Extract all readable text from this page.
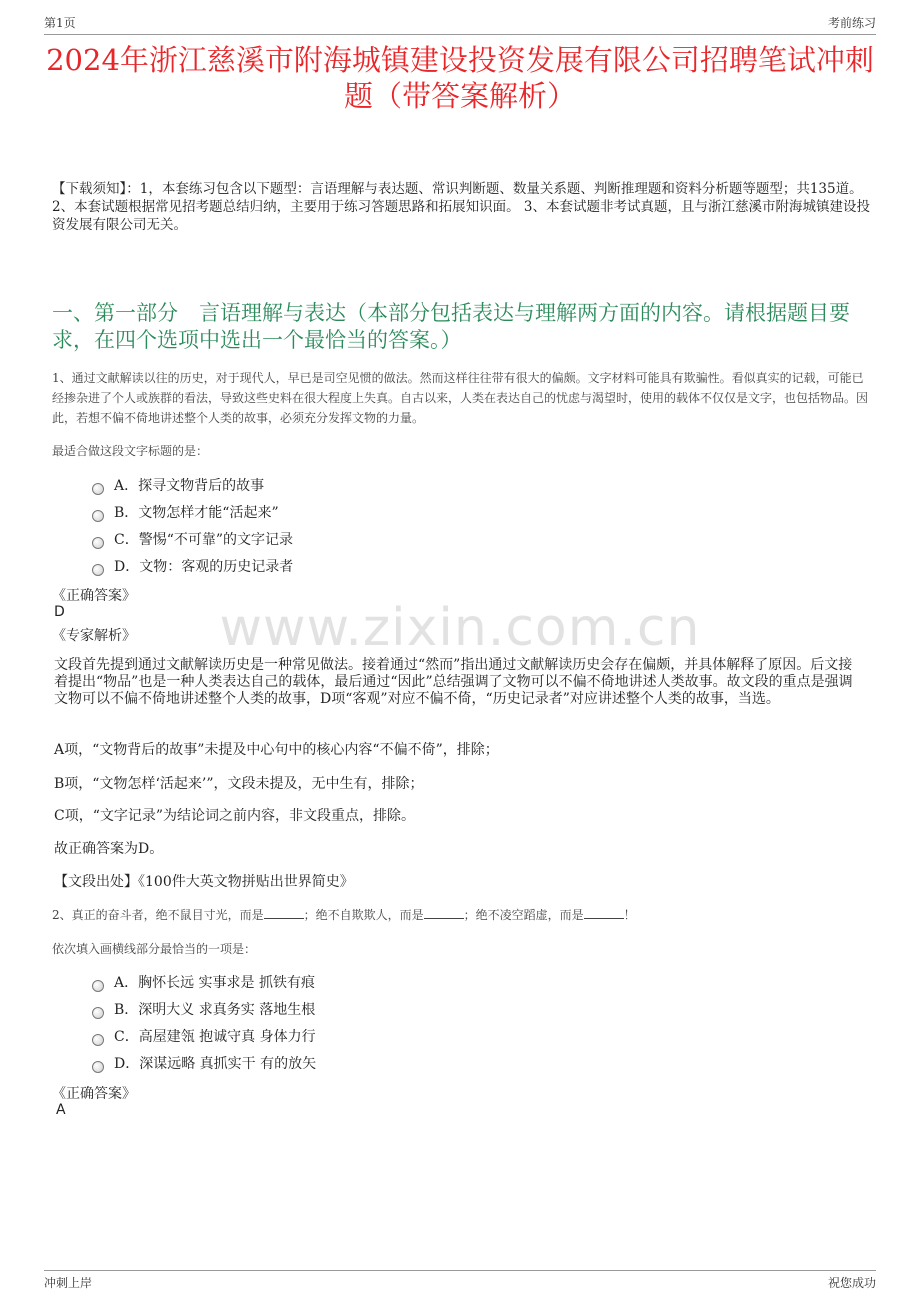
第1页	考前练习
2024年浙江慈溪市附海城镇建设投资发展有限公司招聘笔试冲刺题（带答案解析）
【下载须知】：1，本套练习包含以下题型：言语理解与表达题、常识判断题、数量关系题、判断推理题和资料分析题等题型；共135道。 2、本套试题根据常见招考题总结归纳，主要用于练习答题思路和拓展知识面。 3、本套试题非考试真题，且与浙江慈溪市附海城镇建设投资发展有限公司无关。
一、第一部分　言语理解与表达（本部分包括表达与理解两方面的内容。请根据题目要求，在四个选项中选出一个最恰当的答案。）
www.zixin.com.cn
1、通过文献解读以往的历史，对于现代人，早已是司空见惯的做法。然而这样往往带有很大的偏颇。文字材料可能具有欺骗性。看似真实的记载，可能已经掺杂进了个人或族群的看法，导致这些史料在很大程度上失真。自古以来，人类在表达自己的忧虑与渴望时，使用的载体不仅仅是文字，也包括物品。因此，若想不偏不倚地讲述整个人类的故事，必须充分发挥文物的力量。
最适合做这段文字标题的是：
A．探寻文物背后的故事
B．文物怎样才能“活起来”
C．警惕“不可靠”的文字记录
D．文物：客观的历史记录者
《正确答案》
D
《专家解析》
文段首先提到通过文献解读历史是一种常见做法。接着通过“然而”指出通过文献解读历史会存在偏颇，并具体解释了原因。后文接着提出“物品”也是一种人类表达自己的载体，最后通过“因此”总结强调了文物可以不偏不倚地讲述人类故事。故文段的重点是强调文物可以不偏不倚地讲述整个人类的故事，D项“客观”对应不偏不倚，“历史记录者”对应讲述整个人类的故事，当选。
A项，“文物背后的故事”未提及中心句中的核心内容“不偏不倚”，排除；
B项，“文物怎样‘活起来’”，文段未提及，无中生有，排除；
C项，“文字记录”为结论词之前内容，非文段重点，排除。
故正确答案为D。
【文段出处】《100件大英文物拼贴出世界简史》
2、真正的奋斗者，绝不鼠目寸光，而是	；绝不自欺欺人，而是	；绝不凌空蹈虚，而是	！
依次填入画横线部分最恰当的一项是：
A．胸怀长远 实事求是 抓铁有痕
B．深明大义 求真务实 落地生根
C．高屋建瓴 抱诚守真 身体力行
D．深谋远略 真抓实干 有的放矢
《正确答案》
A
冲刺上岸	祝您成功
